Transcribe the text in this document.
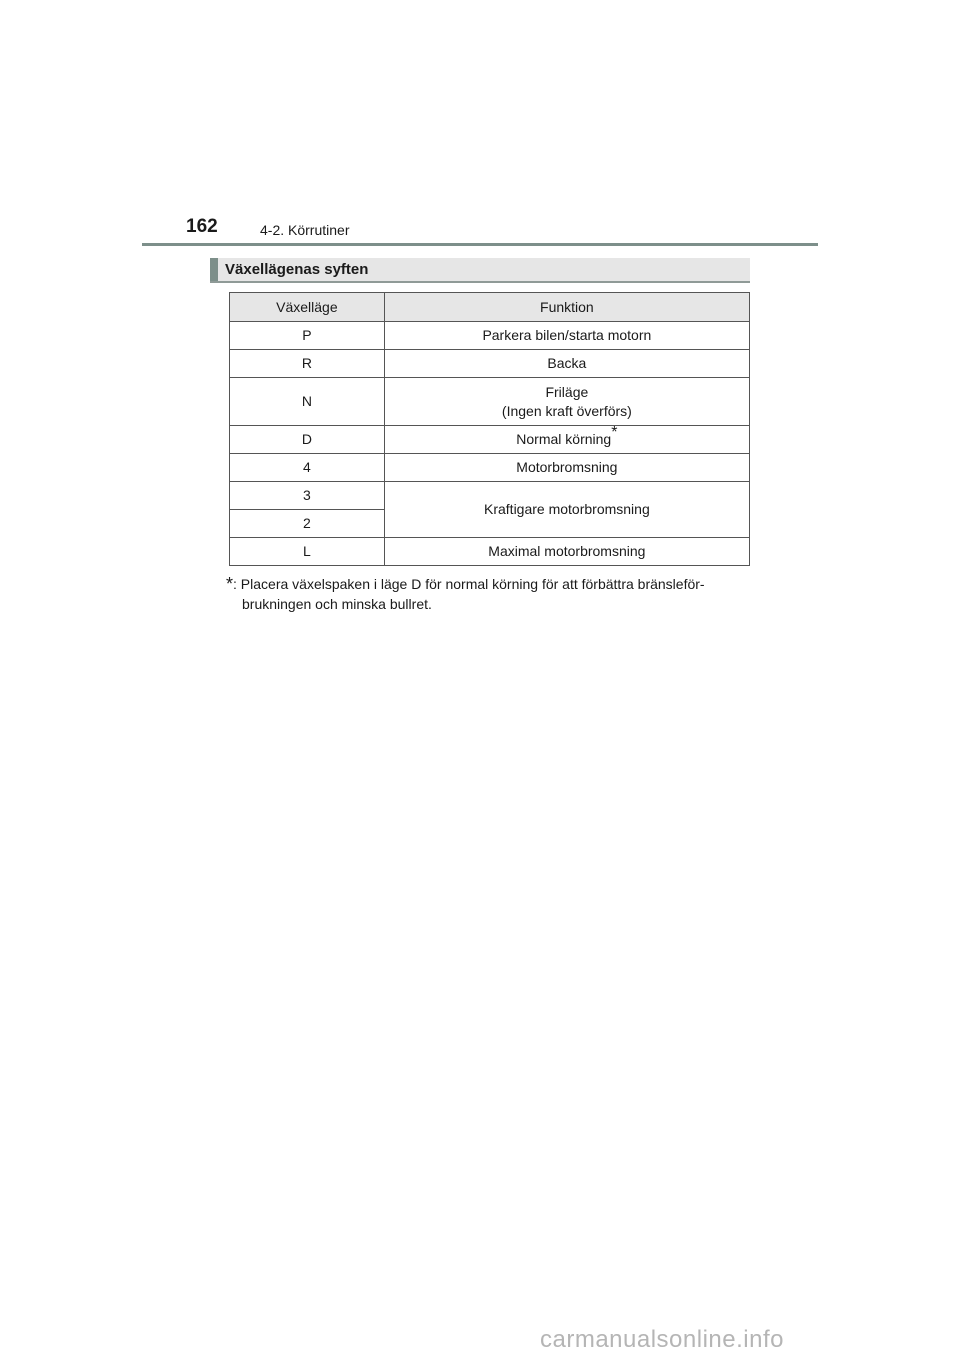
162	4-2. Körrutiner
Växellägenas syften
Växelläge	Funktion
P	Parkera bilen/starta motorn
R	Backa
N	Friläge
(Ingen kraft överförs)
D	Normal körning*
4	Motorbromsning
3	Kraftigare motorbromsning
2	
L	Maximal motorbromsning
*: Placera växelspaken i läge D för normal körning för att förbättra bränsleför-
brukningen och minska bullret.
carmanualsonline.info
